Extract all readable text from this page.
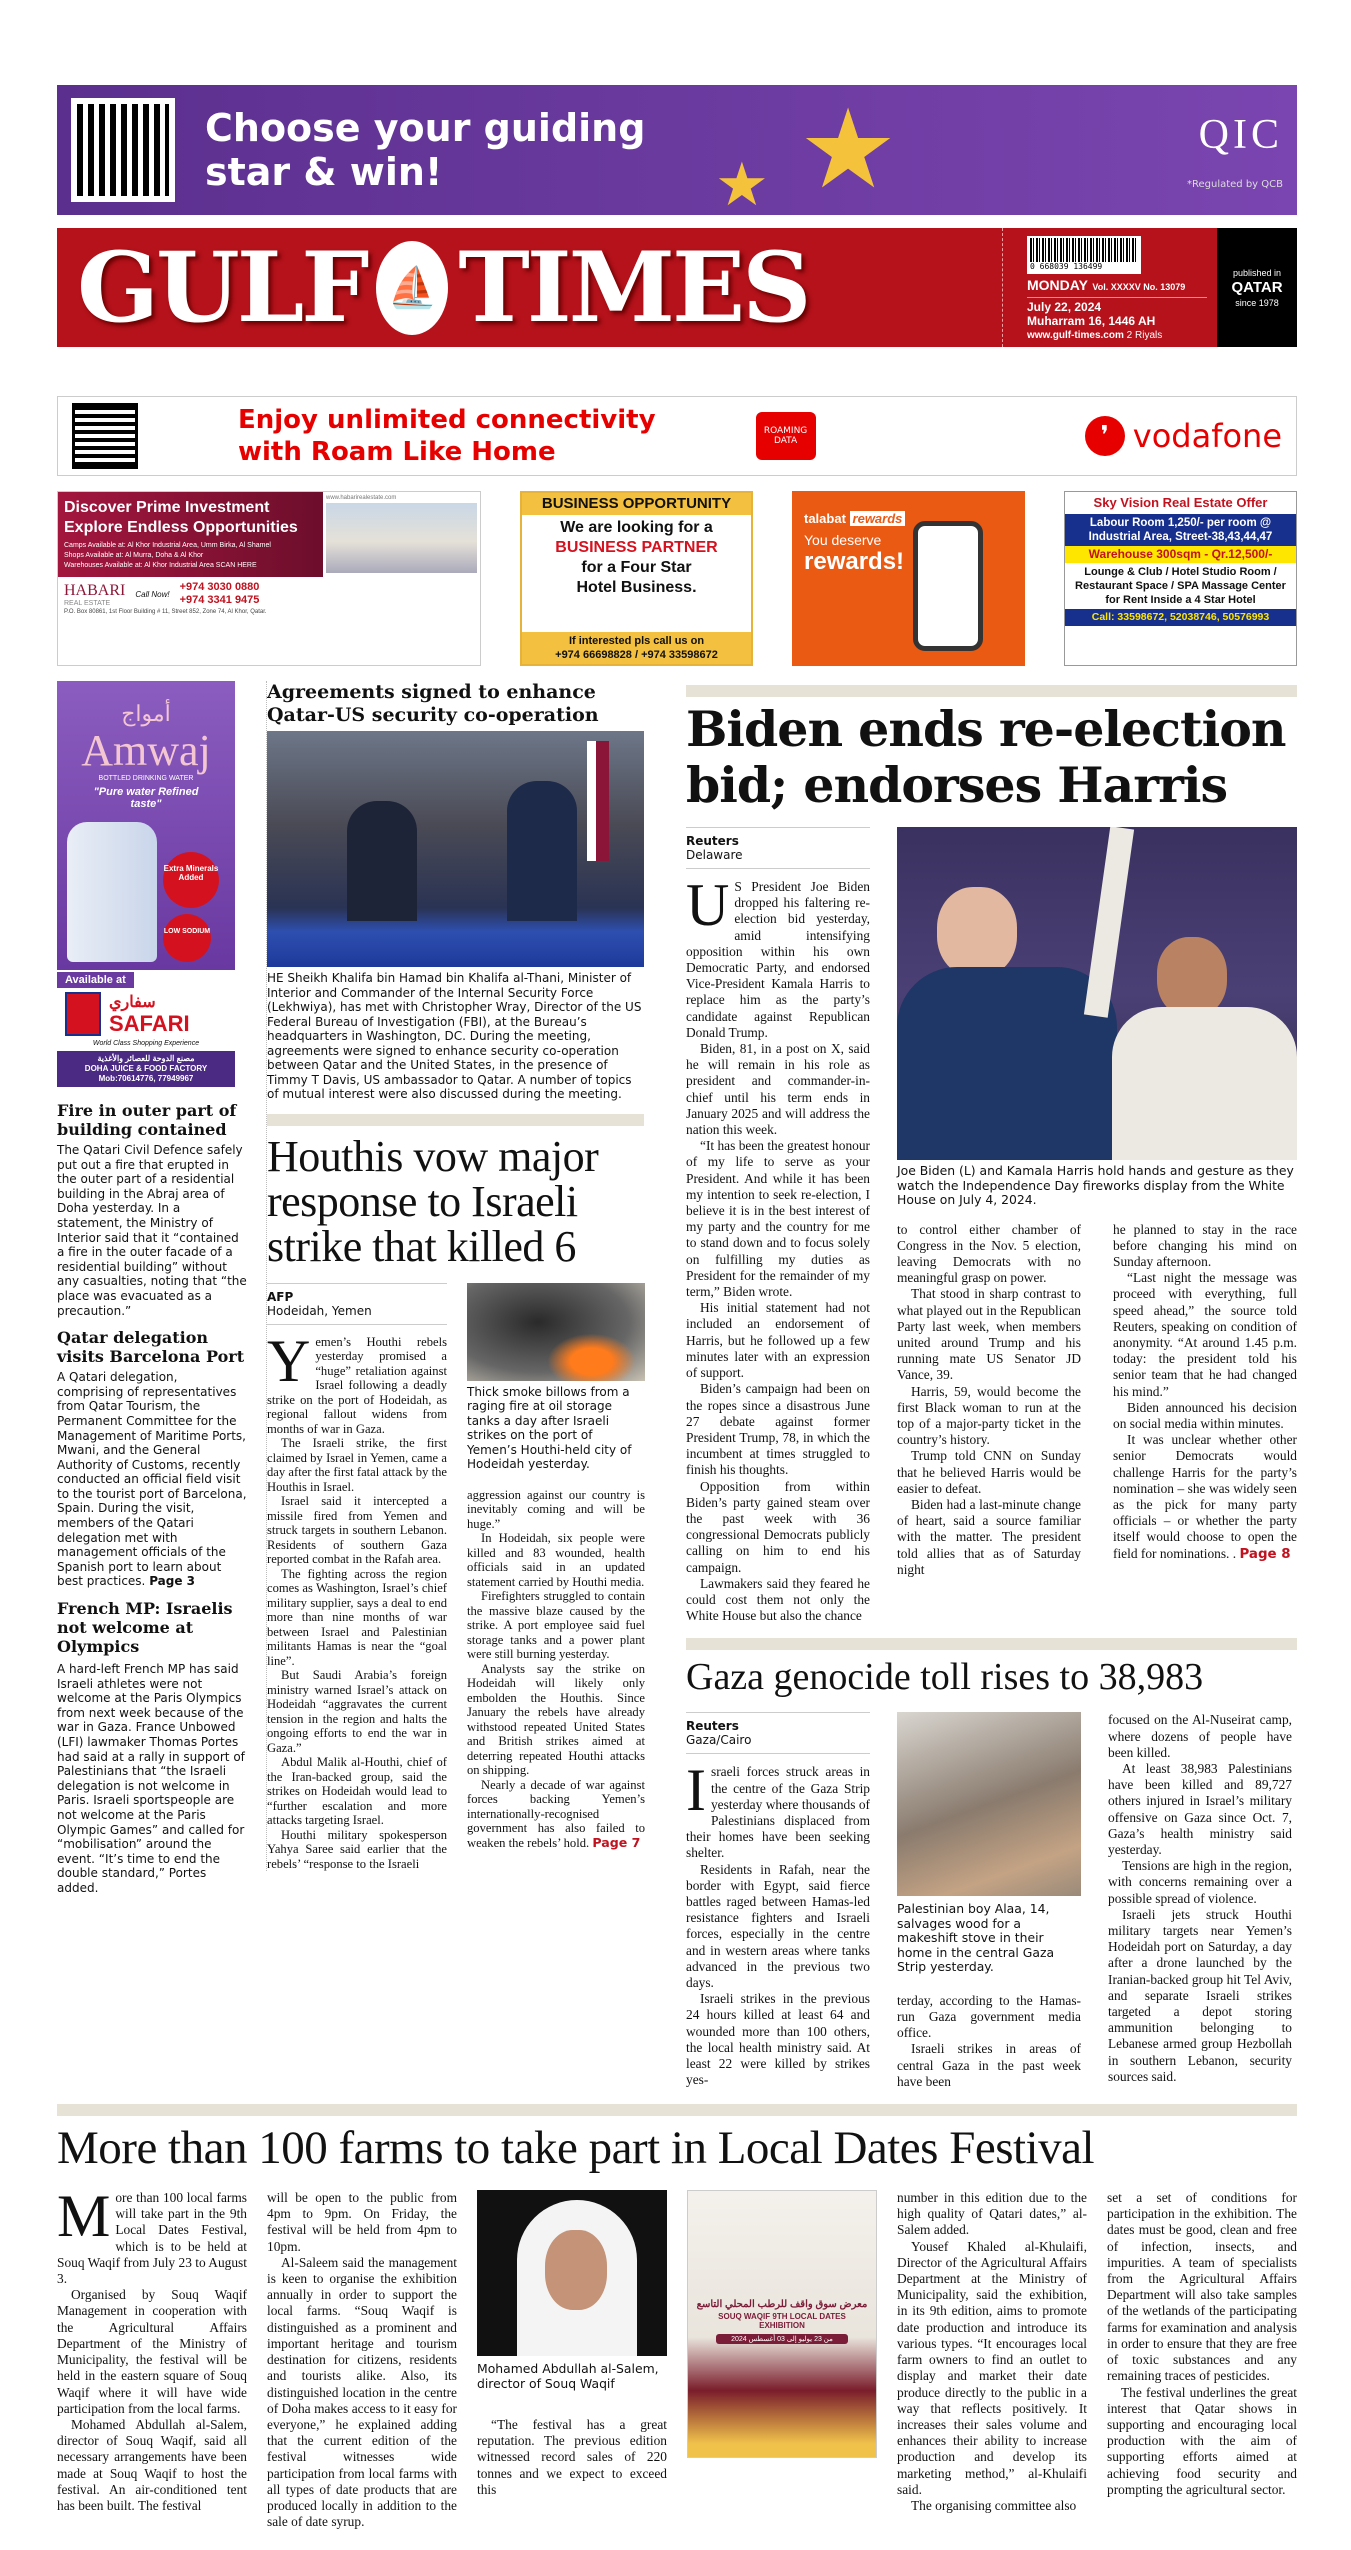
Choose your guiding star & win!	★ ★	QIC
*Regulated by QCB
GULF ⛵ TIMES	0 668039 136499
MONDAY Vol. XXXXV No. 13079
July 22, 2024
Muharram 16, 1446 AH
www.gulf-times.com 2 Riyals
published in
QATAR
since 1978
Enjoy unlimited connectivity
with Roam Like Home
ROAMING DATA	❜ vodafone
Discover Prime Investment
Explore Endless Opportunities
Camps Available at: Al Khor Industrial Area, Umm Birka, Al Shamel
Shops Available at: Al Murra, Doha & Al Khor
Warehouses Available at: Al Khor Industrial Area SCAN HERE
www.habarirealestate.com
HABARI
REAL ESTATE
Call Now!
+974 3030 0880
+974 3341 9475
P.O. Box 80861, 1st Floor Building # 11, Street 852, Zone 74, Al Khor, Qatar.
BUSINESS OPPORTUNITY
We are looking for a
BUSINESS PARTNER
for a Four Star
Hotel Business.
If interested pls call us on
+974 66698828 / +974 33598672
talabat rewards
You deserve
rewards!
Sky Vision Real Estate Offer
Labour Room 1,250/- per room @ Industrial Area, Street-38,43,44,47
Warehouse 300sqm - Qr.12,500/-
Lounge & Club / Hotel Studio Room / Restaurant Space / SPA Massage Center for Rent Inside a 4 Star Hotel
Call: 33598672, 52038746, 50576993
أمواج
Amwaj
BOTTLED DRINKING WATER
"Pure water Refined taste"
Extra Minerals Added
LOW SODIUM
Available at
سفاري
SAFARI
World Class Shopping Experience
مصنع الدوحة للعصائر والأغذية
DOHA JUICE & FOOD FACTORY
Mob:70614776, 77949967
Fire in outer part of building contained
The Qatari Civil Defence safely put out a fire that erupted in the outer part of a residential building in the Abraj area of Doha yesterday. In a statement, the Ministry of Interior said that it “contained a fire in the outer facade of a residential building” without any casualties, noting that “the place was evacuated as a precaution.”
Qatar delegation visits Barcelona Port
A Qatari delegation, comprising of representatives from Qatar Tourism, the Permanent Committee for the Management of Maritime Ports, Mwani, and the General Authority of Customs, recently conducted an official field visit to the tourist port of Barcelona, Spain. During the visit, members of the Qatari delegation met with management officials of the Spanish port to learn about best practices. Page 3
French MP: Israelis not welcome at Olympics
A hard-left French MP has said Israeli athletes were not welcome at the Paris Olympics from next week because of the war in Gaza. France Unbowed (LFI) lawmaker Thomas Portes had said at a rally in support of Palestinians that “the Israeli delegation is not welcome in Paris. Israeli sportspeople are not welcome at the Paris Olympic Games” and called for “mobilisation” around the event. “It’s time to end the double standard,” Portes added.
Agreements signed to enhance Qatar-US security co-operation
HE Sheikh Khalifa bin Hamad bin Khalifa al-Thani, Minister of Interior and Commander of the Internal Security Force (Lekhwiya), has met with Christopher Wray, Director of the US Federal Bureau of Investigation (FBI), at the Bureau’s headquarters in Washington, DC. During the meeting, agreements were signed to enhance security co-operation between Qatar and the United States, in the presence of Timmy T Davis, US ambassador to Qatar. A number of topics of mutual interest were also discussed during the meeting.
Houthis vow major response to Israeli strike that killed 6
AFP
Hodeidah, Yemen

Yemen’s Houthi rebels yesterday promised a “huge” retaliation against Israel following a deadly strike on the port of Hodeidah, as regional fallout widens from months of war in Gaza.

The Israeli strike, the first claimed by Israel in Yemen, came a day after the first fatal attack by the Houthis in Israel.

Israel said it intercepted a missile fired from Yemen and struck targets in southern Lebanon. Residents of southern Gaza reported combat in the Rafah area.

The fighting across the region comes as Washington, Israel’s chief military supplier, says a deal to end more than nine months of war between Israel and Palestinian militants Hamas is near the “goal line”.

But Saudi Arabia’s foreign ministry warned Israel’s attack on Hodeidah “aggravates the current tension in the region and halts the ongoing efforts to end the war in Gaza.”

Abdul Malik al-Houthi, chief of the Iran-backed group, said the strikes on Hodeidah would lead to “further escalation and more attacks targeting Israel.

Houthi military spokesperson Yahya Saree said earlier that the rebels’ “response to the Israeli

Thick smoke billows from a raging fire at oil storage tanks a day after Israeli strikes on the port of Yemen’s Houthi-held city of Hodeidah yesterday.

aggression against our country is inevitably coming and will be huge.”

In Hodeidah, six people were killed and 83 wounded, health officials said in an updated statement carried by Houthi media.

Firefighters struggled to contain the massive blaze caused by the strike. A port employee said fuel storage tanks and a power plant were still burning yesterday.

Analysts say the strike on Hodeidah will likely only embolden the Houthis. Since January the rebels have already withstood repeated United States and British strikes aimed at deterring repeated Houthi attacks on shipping.

Nearly a decade of war against forces backing Yemen’s internationally-recognised government has also failed to weaken the rebels’ hold. Page 7

Biden ends re-election bid; endorses Harris
Reuters
Delaware

U S President Joe Biden dropped his faltering re-election bid yesterday, amid intensifying opposition within his own Democratic Party, and endorsed Vice-President Kamala Harris to replace him as the party’s candidate against Republican Donald Trump.

Biden, 81, in a post on X, said he will remain in his role as president and commander-in-chief until his term ends in January 2025 and will address the nation this week.

“It has been the greatest honour of my life to serve as your President. And while it has been my intention to seek re-election, I believe it is in the best interest of my party and the country for me to stand down and to focus solely on fulfilling my duties as President for the remainder of my term,” Biden wrote.

His initial statement had not included an endorsement of Harris, but he followed up a few minutes later with an expression of support.

Biden’s campaign had been on the ropes since a disastrous June 27 debate against former President Trump, 78, in which the incumbent at times struggled to finish his thoughts.

Opposition from within Biden’s party gained steam over the past week with 36 congressional Democrats publicly calling on him to end his campaign.

Lawmakers said they feared he could cost them not only the White House but also the chance

Joe Biden (L) and Kamala Harris hold hands and gesture as they watch the Independence Day fireworks display from the White House on July 4, 2024.

to control either chamber of Congress in the Nov. 5 election, leaving Democrats with no meaningful grasp on power.

That stood in sharp contrast to what played out in the Republican Party last week, when members united around Trump and his running mate US Senator JD Vance, 39.

Harris, 59, would become the first Black woman to run at the top of a major-party ticket in the country’s history.

Trump told CNN on Sunday that he believed Harris would be easier to defeat.

Biden had a last-minute change of heart, said a source familiar with the matter. The president told allies that as of Saturday night

he planned to stay in the race before changing his mind on Sunday afternoon.

“Last night the message was proceed with everything, full speed ahead,” the source told Reuters, speaking on condition of anonymity. “At around 1.45 p.m. today: the president told his senior team that he had changed his mind.”

Biden announced his decision on social media within minutes.

It was unclear whether other senior Democrats would challenge Harris for the party’s nomination – she was widely seen as the pick for many party officials – or whether the party itself would choose to open the field for nominations. . Page 8

Gaza genocide toll rises to 38,983
Reuters
Gaza/Cairo

Israeli forces struck areas in the centre of the Gaza Strip yesterday where thousands of Palestinians displaced from their homes have been seeking shelter.

Residents in Rafah, near the border with Egypt, said fierce battles raged between Hamas-led resistance fighters and Israeli forces, especially in the centre and in western areas where tanks advanced in the previous two days.

Israeli strikes in the previous 24 hours killed at least 64 and wounded more than 100 others, the local health ministry said. At least 22 were killed by strikes yes-

Palestinian boy Alaa, 14, salvages wood for a makeshift stove in their home in the central Gaza Strip yesterday.

terday, according to the Hamas-run Gaza government media office.

Israeli strikes in areas of central Gaza in the past week have been

focused on the Al-Nuseirat camp, where dozens of people have been killed.

At least 38,983 Palestinians have been killed and 89,727 others injured in Israel’s military offensive on Gaza since Oct. 7, Gaza’s health ministry said yesterday.

Tensions are high in the region, with concerns remaining over a possible spread of violence.

Israeli jets struck Houthi military targets near Yemen’s Hodeidah port on Saturday, a day after a drone launched by the Iranian-backed group hit Tel Aviv, and separate Israeli strikes targeted a depot storing ammunition belonging to Lebanese armed group Hezbollah in southern Lebanon, security sources said.

More than 100 farms to take part in Local Dates Festival

More than 100 local farms will take part in the 9th Local Dates Festival, which is to be held at Souq Waqif from July 23 to August 3.

Organised by Souq Waqif Management in cooperation with the Agricultural Affairs Department of the Ministry of Municipality, the festival will be held in the eastern square of Souq Waqif where it will have wide participation from the local farms.

Mohamed Abdullah al-Salem, director of Souq Waqif, said all necessary arrangements have been made at Souq Waqif to host the festival. An air-conditioned tent has been built. The festival

will be open to the public from 4pm to 9pm. On Friday, the festival will be held from 4pm to 10pm.

Al-Saleem said the management is keen to organise the exhibition annually in order to support the local farms. “Souq Waqif is distinguished as a prominent and important heritage and tourism destination for citizens, residents and tourists alike. Also, its distinguished location in the centre of Doha makes access to it easy for everyone,” he explained adding that the current edition of the festival witnesses wide participation from local farms with all types of date products that are produced locally in addition to the sale of date syrup.

Mohamed Abdullah al-Salem, director of Souq Waqif

“The festival has a great reputation. The previous edition witnessed record sales of 220 tonnes and we expect to exceed this

معرض سوق واقف للرطب المحلي التاسع
SOUQ WAQIF 9TH LOCAL DATES EXHIBITION
من 23 يوليو إلى 03 أغسطس 2024

number in this edition due to the high quality of Qatari dates,” al-Salem added.

Yousef Khaled al-Khulaifi, Director of the Agricultural Affairs Department at the Ministry of Municipality, said the exhibition, in its 9th edition, aims to promote date production and introduce its various types. “It encourages local farm owners to find an outlet to display and market their date produce directly to the public in a way that reflects positively. It increases their sales volume and enhances their ability to increase production and develop its marketing method,” al-Khulaifi said.

The organising committee also

set a set of conditions for participation in the exhibition. The dates must be good, clean and free of infection, insects, and impurities. A team of specialists from the Agricultural Affairs Department will also take samples of the wetlands of the participating farms for examination and analysis in order to ensure that they are free of toxic substances and any remaining traces of pesticides.

The festival underlines the great interest that Qatar shows in supporting and encouraging local production with the aim of supporting efforts aimed at achieving food security and prompting the agricultural sector.
